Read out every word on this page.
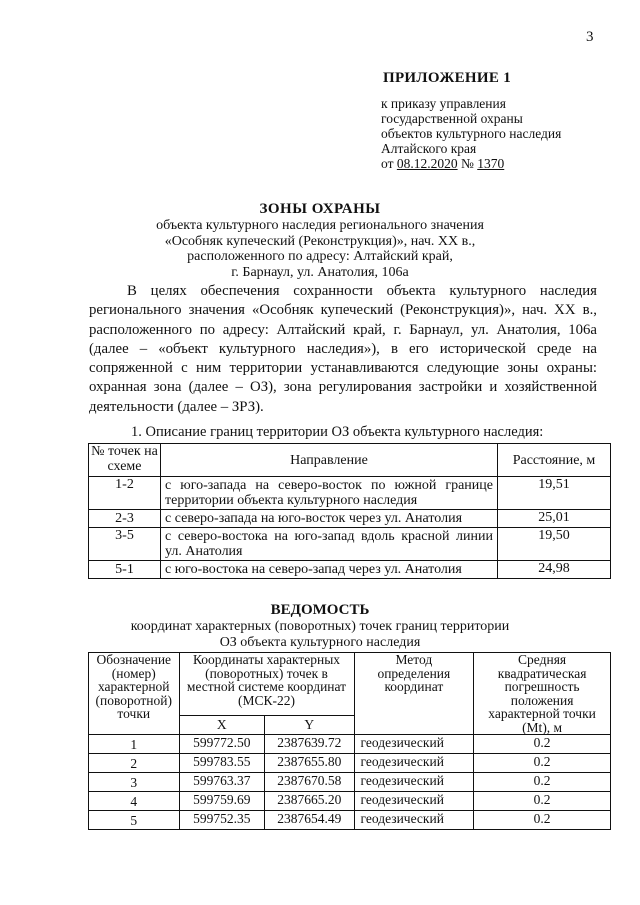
3
ПРИЛОЖЕНИЕ 1
к приказу управления
государственной охраны
объектов культурного наследия
Алтайского края
от 08.12.2020 № 1370
ЗОНЫ ОХРАНЫ
объекта культурного наследия регионального значения
«Особняк купеческий (Реконструкция)», нач. XX в.,
расположенного по адресу: Алтайский край,
г. Барнаул, ул. Анатолия, 106а
В целях обеспечения сохранности объекта культурного наследия регионального значения «Особняк купеческий (Реконструкция)», нач. XX в., расположенного по адресу: Алтайский край, г. Барнаул, ул. Анатолия, 106а (далее – «объект культурного наследия»), в его исторической среде на сопряженной с ним территории устанавливаются следующие зоны охраны: охранная зона (далее – ОЗ), зона регулирования застройки и хозяйственной деятельности (далее – ЗРЗ).
1. Описание границ территории ОЗ объекта культурного наследия:
№ точек на схеме	Направление	Расстояние, м
1-2	с юго-запада на северо-восток по южной границе территории объекта культурного наследия	19,51
2-3	с северо-запада на юго-восток через ул. Анатолия	25,01
3-5	с северо-востока на юго-запад вдоль красной линии ул. Анатолия	19,50
5-1	с юго-востока на северо-запад через ул. Анатолия	24,98
ВЕДОМОСТЬ
координат характерных (поворотных) точек границ территории
ОЗ объекта культурного наследия
Обозначение (номер) характерной (поворотной) точки	Координаты характерных (поворотных) точек в местной системе координат (МСК-22)		Метод определения координат	Средняя квадратическая погрешность положения характерной точки (Mt), м
	X	Y		
1	599772.50	2387639.72	геодезический	0.2
2	599783.55	2387655.80	геодезический	0.2
3	599763.37	2387670.58	геодезический	0.2
4	599759.69	2387665.20	геодезический	0.2
5	599752.35	2387654.49	геодезический	0.2
